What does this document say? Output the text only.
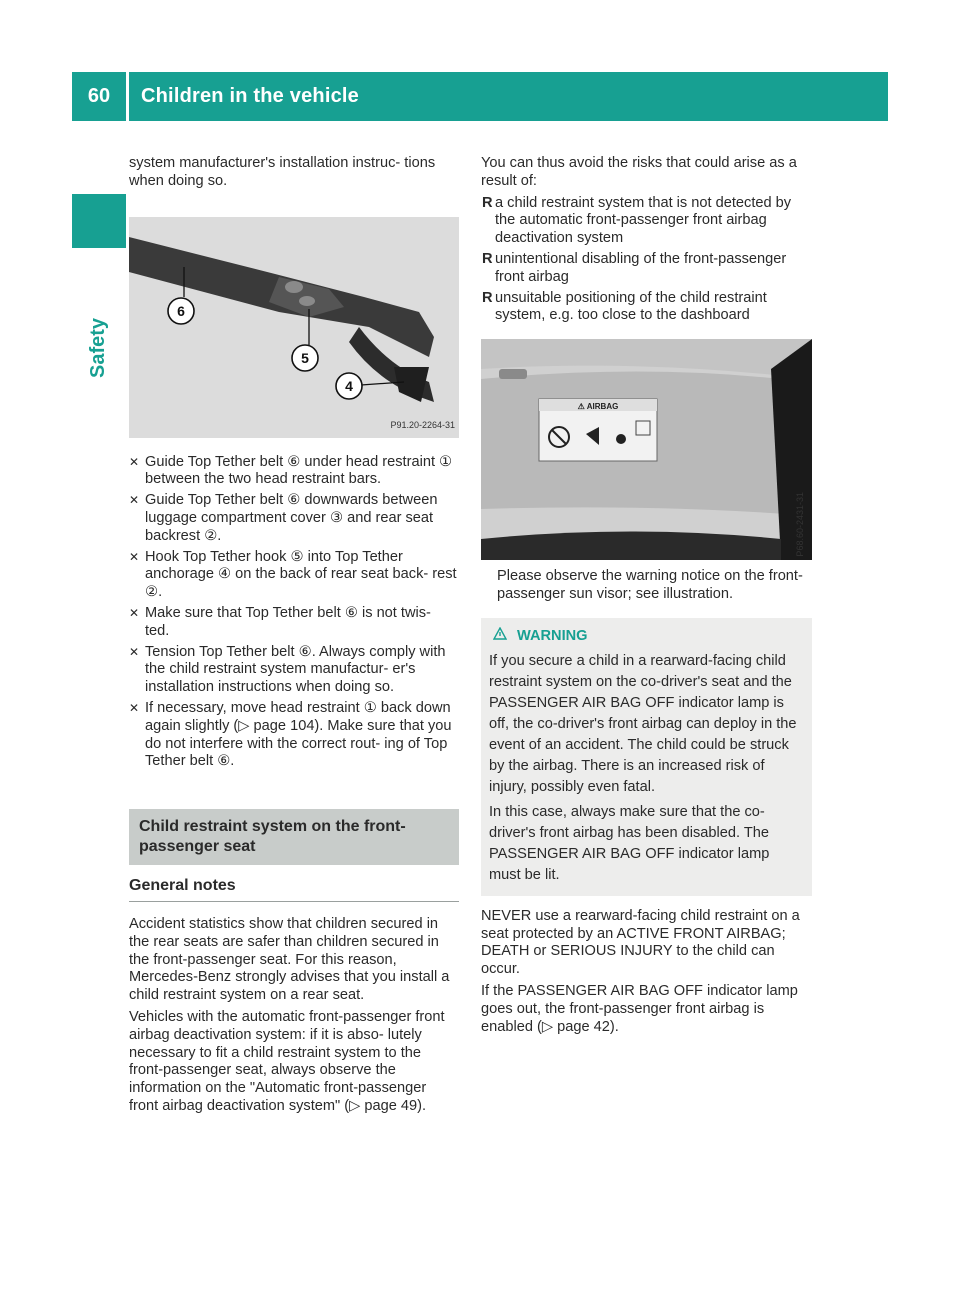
60	Children in the vehicle
Safety

system manufacturer's installation instruc- tions when doing so.

6
5
4
P91.20-2264-31
✕ Guide Top Tether belt ⑥ under head restraint ① between the two head restraint bars.
✕ Guide Top Tether belt ⑥ downwards between luggage compartment cover ③ and rear seat backrest ②.
✕ Hook Top Tether hook ⑤ into Top Tether anchorage ④ on the back of rear seat back- rest ②.
✕ Make sure that Top Tether belt ⑥ is not twis- ted.
✕ Tension Top Tether belt ⑥. Always comply with the child restraint system manufactur- er's installation instructions when doing so.
✕ If necessary, move head restraint ① back down again slightly (▷ page 104). Make sure that you do not interfere with the correct rout- ing of Top Tether belt ⑥.
Child restraint system on the front- passenger seat
General notes

Accident statistics show that children secured in the rear seats are safer than children secured in the front-passenger seat. For this reason, Mercedes-Benz strongly advises that you install a child restraint system on a rear seat.

Vehicles with the automatic front-passenger front airbag deactivation system: if it is abso- lutely necessary to fit a child restraint system to the front-passenger seat, always observe the information on the "Automatic front-passenger front airbag deactivation system" (▷ page 49).

You can thus avoid the risks that could arise as a result of:

R a child restraint system that is not detected by the automatic front-passenger front airbag deactivation system
R unintentional disabling of the front-passenger front airbag
R unsuitable positioning of the child restraint system, e.g. too close to the dashboard
⚠ AIRBAG
P68.60-2431-31

Please observe the warning notice on the front-passenger sun visor; see illustration.

WARNING

If you secure a child in a rearward-facing child restraint system on the co-driver's seat and the PASSENGER AIR BAG OFF indicator lamp is off, the co-driver's front airbag can deploy in the event of an accident. The child could be struck by the airbag. There is an increased risk of injury, possibly even fatal.

In this case, always make sure that the co- driver's front airbag has been disabled. The PASSENGER AIR BAG OFF indicator lamp must be lit.

NEVER use a rearward-facing child restraint on a seat protected by an ACTIVE FRONT AIRBAG; DEATH or SERIOUS INJURY to the child can occur.

If the PASSENGER AIR BAG OFF indicator lamp goes out, the front-passenger front airbag is enabled (▷ page 42).
